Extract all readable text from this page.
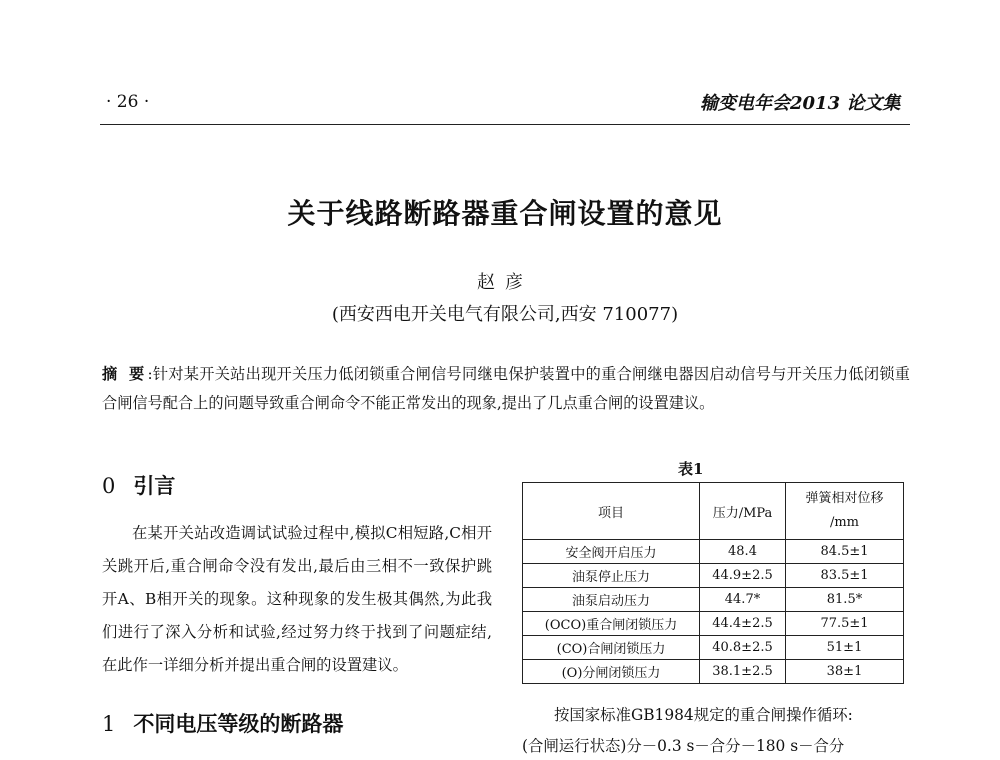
· 26 ·	输变电年会2013 论文集
关于线路断路器重合闸设置的意见
赵彦
(西安西电开关电气有限公司,西安 710077)

摘 要:针对某开关站出现开关压力低闭锁重合闸信号同继电保护装置中的重合闸继电器因启动信号与开关压力低闭锁重合闸信号配合上的问题导致重合闸命令不能正常发出的现象,提出了几点重合闸的设置建议。

0 引言

在某开关站改造调试试验过程中,模拟C相短路,C相开关跳开后,重合闸命令没有发出,最后由三相不一致保护跳开A、B相开关的现象。这种现象的发生极其偶然,为此我们进行了深入分析和试验,经过努力终于找到了问题症结,在此作一详细分析并提出重合闸的设置建议。

1 不同电压等级的断路器
表1
项目	压力/MPa	弹簧相对位移
/mm
安全阀开启压力	48.4	84.5±1
油泵停止压力	44.9±2.5	83.5±1
油泵启动压力	44.7*	81.5*
(OCO)重合闸闭锁压力	44.4±2.5	77.5±1
(CO)合闸闭锁压力	40.8±2.5	51±1
(O)分闸闭锁压力	38.1±2.5	38±1

按国家标准GB1984规定的重合闸操作循环:

(合闸运行状态)分－0.3 s－合分－180 s－合分
